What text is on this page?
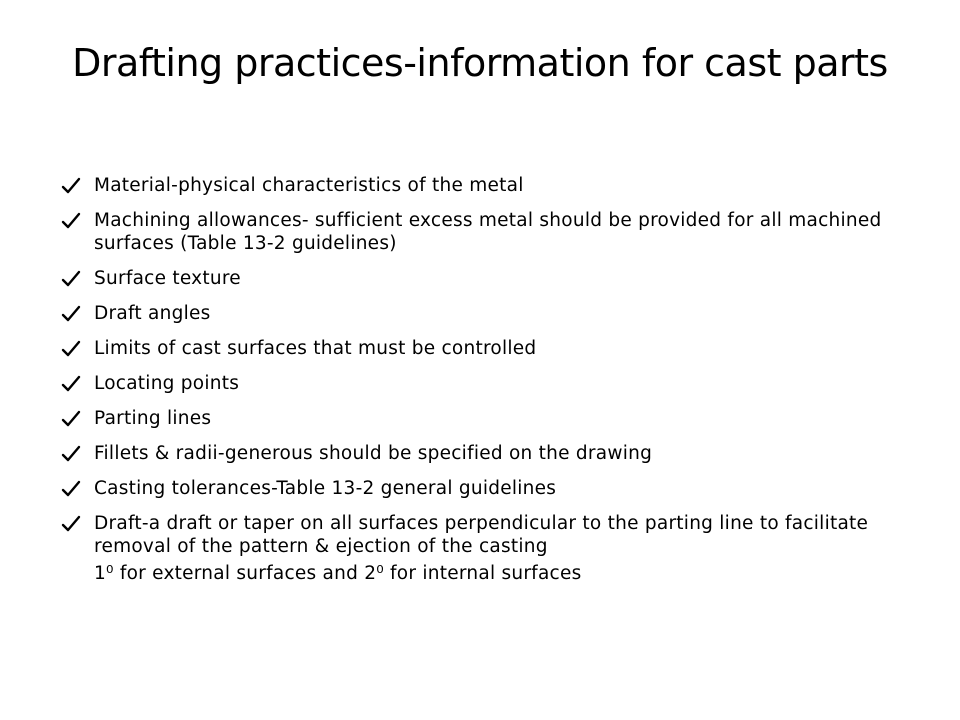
Drafting practices-information for cast parts
Material-physical characteristics of the metal
Machining allowances- sufficient excess metal should be provided for all machined surfaces (Table 13-2 guidelines)
Surface texture
Draft angles
Limits of cast surfaces that must be controlled
Locating points
Parting lines
Fillets & radii-generous should be specified on the drawing
Casting tolerances-Table 13-2 general guidelines
Draft-a draft or taper on all surfaces perpendicular to the parting line to facilitate removal of the pattern & ejection of the casting
1⁰ for external surfaces and 2⁰ for internal surfaces
